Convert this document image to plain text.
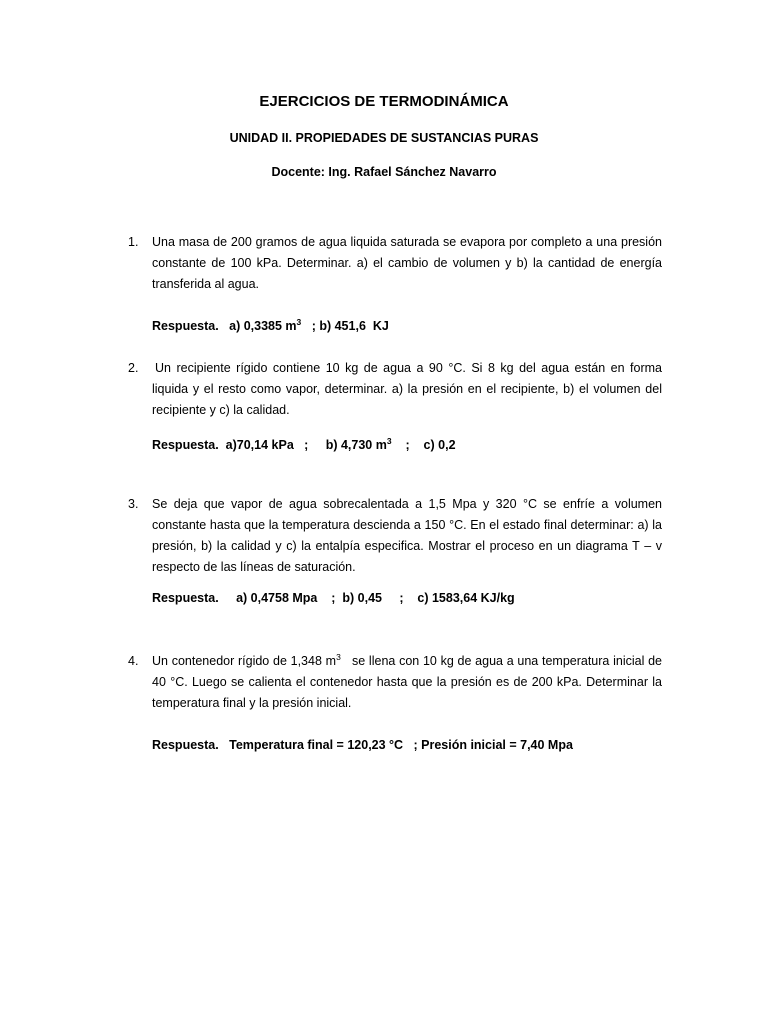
EJERCICIOS DE TERMODINÁMICA
UNIDAD II. PROPIEDADES DE SUSTANCIAS PURAS
Docente: Ing. Rafael Sánchez Navarro
1. Una masa de 200 gramos de agua liquida saturada se evapora por completo a una presión constante de 100 kPa. Determinar. a) el cambio de volumen y b) la cantidad de energía transferida al agua.
Respuesta. a) 0,3385 $m^3$ ; b) 451,6  KJ
2. Un recipiente rígido contiene 10 kg de agua a 90 °C. Si 8 kg del agua están en forma liquida y el resto como vapor, determinar. a) la presión en el recipiente, b) el volumen del recipiente y c) la calidad.
Respuesta. a)70,14 kPa   ;     b) 4,730 $m^3$ ;    c) 0,2
3. Se deja que vapor de agua sobrecalentada a 1,5 Mpa y 320 °C se enfríe a volumen constante hasta que la temperatura descienda a 150 °C. En el estado final determinar: a) la presión, b) la calidad y c) la entalpía especifica. Mostrar el proceso en un diagrama T – v respecto de las líneas de saturación.
Respuesta. a) 0,4758 Mpa    ;  b) 0,45     ;    c) 1583,64 KJ/kg
4. Un contenedor rígido de 1,348 $m^3$ se llena con 10 kg de agua a una temperatura inicial de 40 °C. Luego se calienta el contenedor hasta que la presión es de 200 kPa. Determinar la temperatura final y la presión inicial.
Respuesta. Temperatura final = 120,23 °C   ; Presión inicial = 7,40 Mpa
